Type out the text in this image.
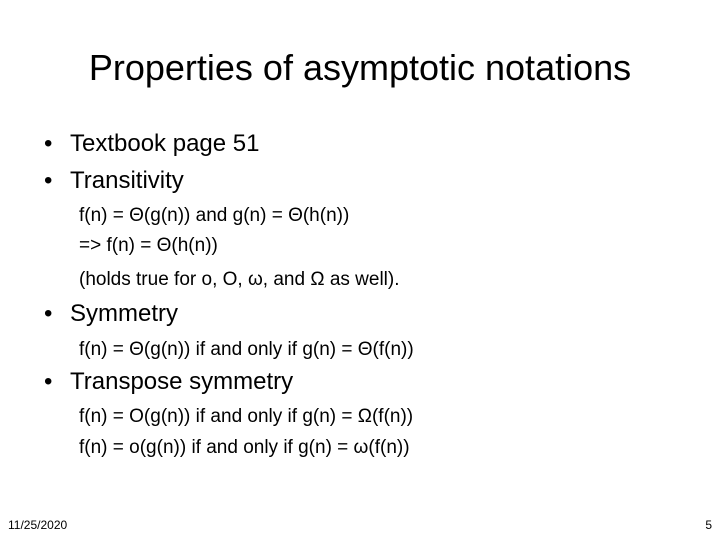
Properties of asymptotic notations
• Textbook page 51
• Transitivity
f(n) = Θ(g(n)) and g(n) = Θ(h(n))
=> f(n) = Θ(h(n))
(holds true for o, O, ω, and Ω as well).
• Symmetry
f(n) = Θ(g(n)) if and only if g(n) = Θ(f(n))
• Transpose symmetry
f(n) = O(g(n)) if and only if g(n) = Ω(f(n))
f(n) = o(g(n)) if and only if g(n) = ω(f(n))
11/25/2020	5
